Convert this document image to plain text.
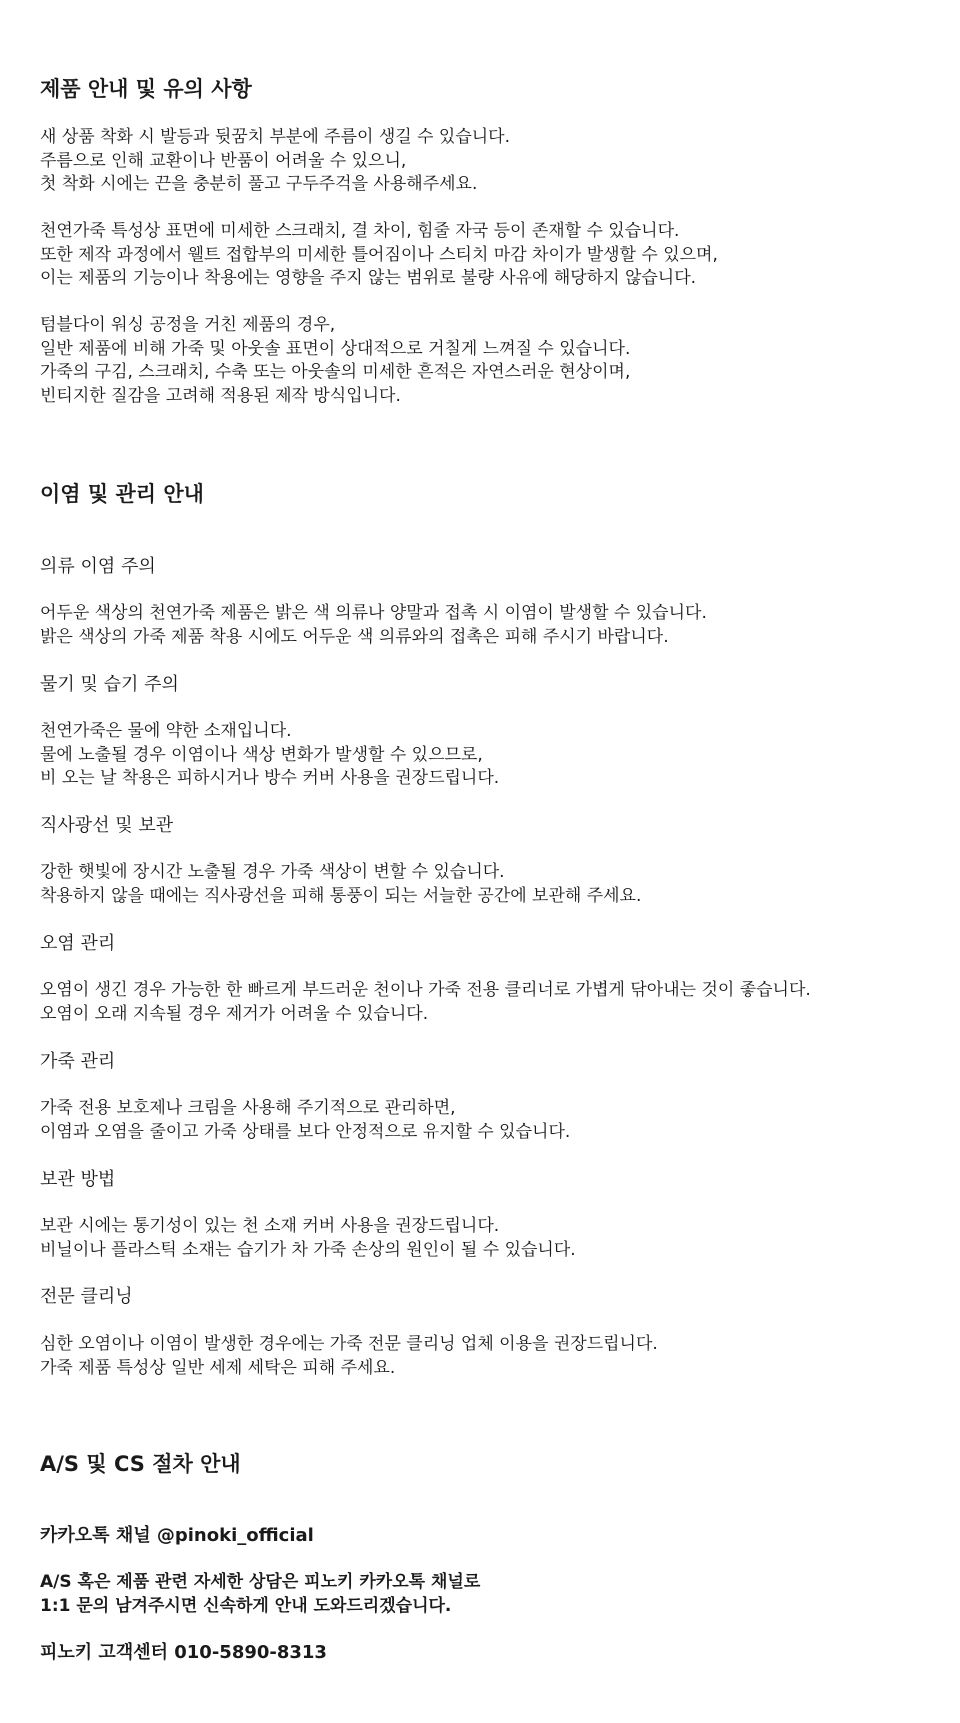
제품 안내 및 유의 사항
새 상품 착화 시 발등과 뒷꿈치 부분에 주름이 생길 수 있습니다.
주름으로 인해 교환이나 반품이 어려울 수 있으니,
첫 착화 시에는 끈을 충분히 풀고 구두주걱을 사용해주세요.
천연가죽 특성상 표면에 미세한 스크래치, 결 차이, 힘줄 자국 등이 존재할 수 있습니다.
또한 제작 과정에서 웰트 접합부의 미세한 틀어짐이나 스티치 마감 차이가 발생할 수 있으며,
이는 제품의 기능이나 착용에는 영향을 주지 않는 범위로 불량 사유에 해당하지 않습니다.
텀블다이 워싱 공정을 거친 제품의 경우,
일반 제품에 비해 가죽 및 아웃솔 표면이 상대적으로 거칠게 느껴질 수 있습니다.
가죽의 구김, 스크래치, 수축 또는 아웃솔의 미세한 흔적은 자연스러운 현상이며,
빈티지한 질감을 고려해 적용된 제작 방식입니다.
이염 및 관리 안내
의류 이염 주의
어두운 색상의 천연가죽 제품은 밝은 색 의류나 양말과 접촉 시 이염이 발생할 수 있습니다.
밝은 색상의 가죽 제품 착용 시에도 어두운 색 의류와의 접촉은 피해 주시기 바랍니다.
물기 및 습기 주의
천연가죽은 물에 약한 소재입니다.
물에 노출될 경우 이염이나 색상 변화가 발생할 수 있으므로,
비 오는 날 착용은 피하시거나 방수 커버 사용을 권장드립니다.
직사광선 및 보관
강한 햇빛에 장시간 노출될 경우 가죽 색상이 변할 수 있습니다.
착용하지 않을 때에는 직사광선을 피해 통풍이 되는 서늘한 공간에 보관해 주세요.
오염 관리
오염이 생긴 경우 가능한 한 빠르게 부드러운 천이나 가죽 전용 클리너로 가볍게 닦아내는 것이 좋습니다.
오염이 오래 지속될 경우 제거가 어려울 수 있습니다.
가죽 관리
가죽 전용 보호제나 크림을 사용해 주기적으로 관리하면,
이염과 오염을 줄이고 가죽 상태를 보다 안정적으로 유지할 수 있습니다.
보관 방법
보관 시에는 통기성이 있는 천 소재 커버 사용을 권장드립니다.
비닐이나 플라스틱 소재는 습기가 차 가죽 손상의 원인이 될 수 있습니다.
전문 클리닝
심한 오염이나 이염이 발생한 경우에는 가죽 전문 클리닝 업체 이용을 권장드립니다.
가죽 제품 특성상 일반 세제 세탁은 피해 주세요.
A/S 및 CS 절차 안내
카카오톡 채널 @pinoki_official
A/S 혹은 제품 관련 자세한 상담은 피노키 카카오톡 채널로
1:1 문의 남겨주시면 신속하게 안내 도와드리겠습니다.
피노키 고객센터 010-5890-8313
